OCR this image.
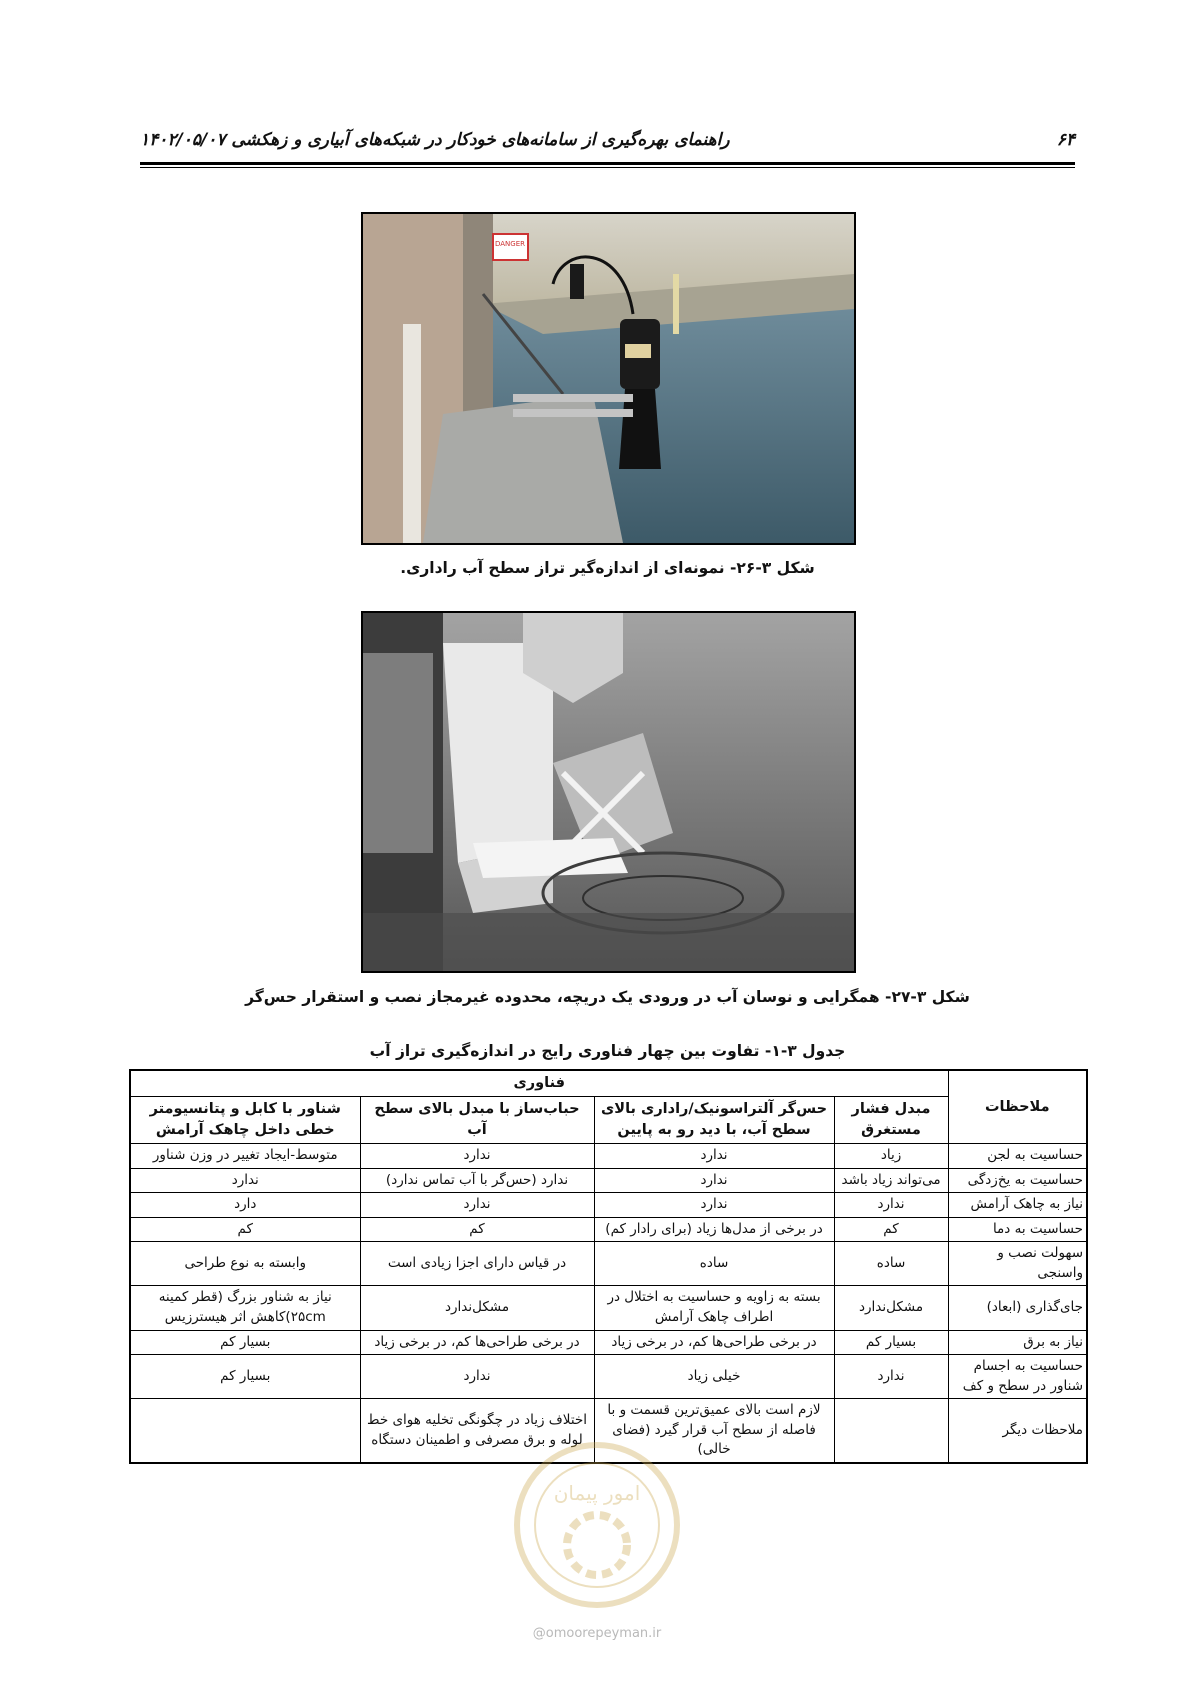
۶۴
راهنمای بهره‌گیری از سامانه‌های خودکار در شبکه‌های آبیاری و زهکشی ۱۴۰۲/۰۵/۰۷
DANGER
شکل ۳-۲۶- نمونه‌ای از اندازه‌گیر تراز سطح آب راداری.
شکل ۳-۲۷- همگرایی و نوسان آب در ورودی یک دریچه، محدوده غیرمجاز نصب و استقرار حس‌گر
جدول ۳-۱- تفاوت بین چهار فناوری رایج در اندازه‌گیری تراز آب
ملاحظات	فناوری			
	مبدل فشار مستغرق	حس‌گر آلتراسونیک/راداری بالای سطح آب، با دید رو به پایین	حباب‌ساز با مبدل بالای سطح آب	شناور با کابل و پتانسیومتر خطی داخل چاهک آرامش
حساسیت به لجن	زیاد	ندارد	ندارد	متوسط-ایجاد تغییر در وزن شناور
حساسیت به یخ‌زدگی	می‌تواند زیاد باشد	ندارد	ندارد (حس‌گر با آب تماس ندارد)	ندارد
نیاز به چاهک آرامش	ندارد	ندارد	ندارد	دارد
حساسیت به دما	کم	در برخی از مدل‌ها زیاد (برای رادار کم)	کم	کم
سهولت نصب و واسنجی	ساده	ساده	در قیاس دارای اجزا زیادی است	وابسته به نوع طراحی
جای‌گذاری (ابعاد)	مشکل‌ندارد	بسته به زاویه و حساسیت به اختلال در اطراف چاهک آرامش	مشکل‌ندارد	نیاز به شناور بزرگ (قطر کمینه ۲۵cm)کاهش اثر هیسترزیس
نیاز به برق	بسیار کم	در برخی طراحی‌ها کم، در برخی زیاد	در برخی طراحی‌ها کم، در برخی زیاد	بسیار کم
حساسیت به اجسام شناور در سطح و کف	ندارد	خیلی زیاد	ندارد	بسیار کم
ملاحظات دیگر		لازم است بالای عمیق‌ترین قسمت و با فاصله از سطح آب قرار گیرد (فضای خالی)	اختلاف زیاد در چگونگی تخلیه هوای خط لوله و برق مصرفی و اطمینان دستگاه	
امور پیمان
@omoorepeyman.ir
